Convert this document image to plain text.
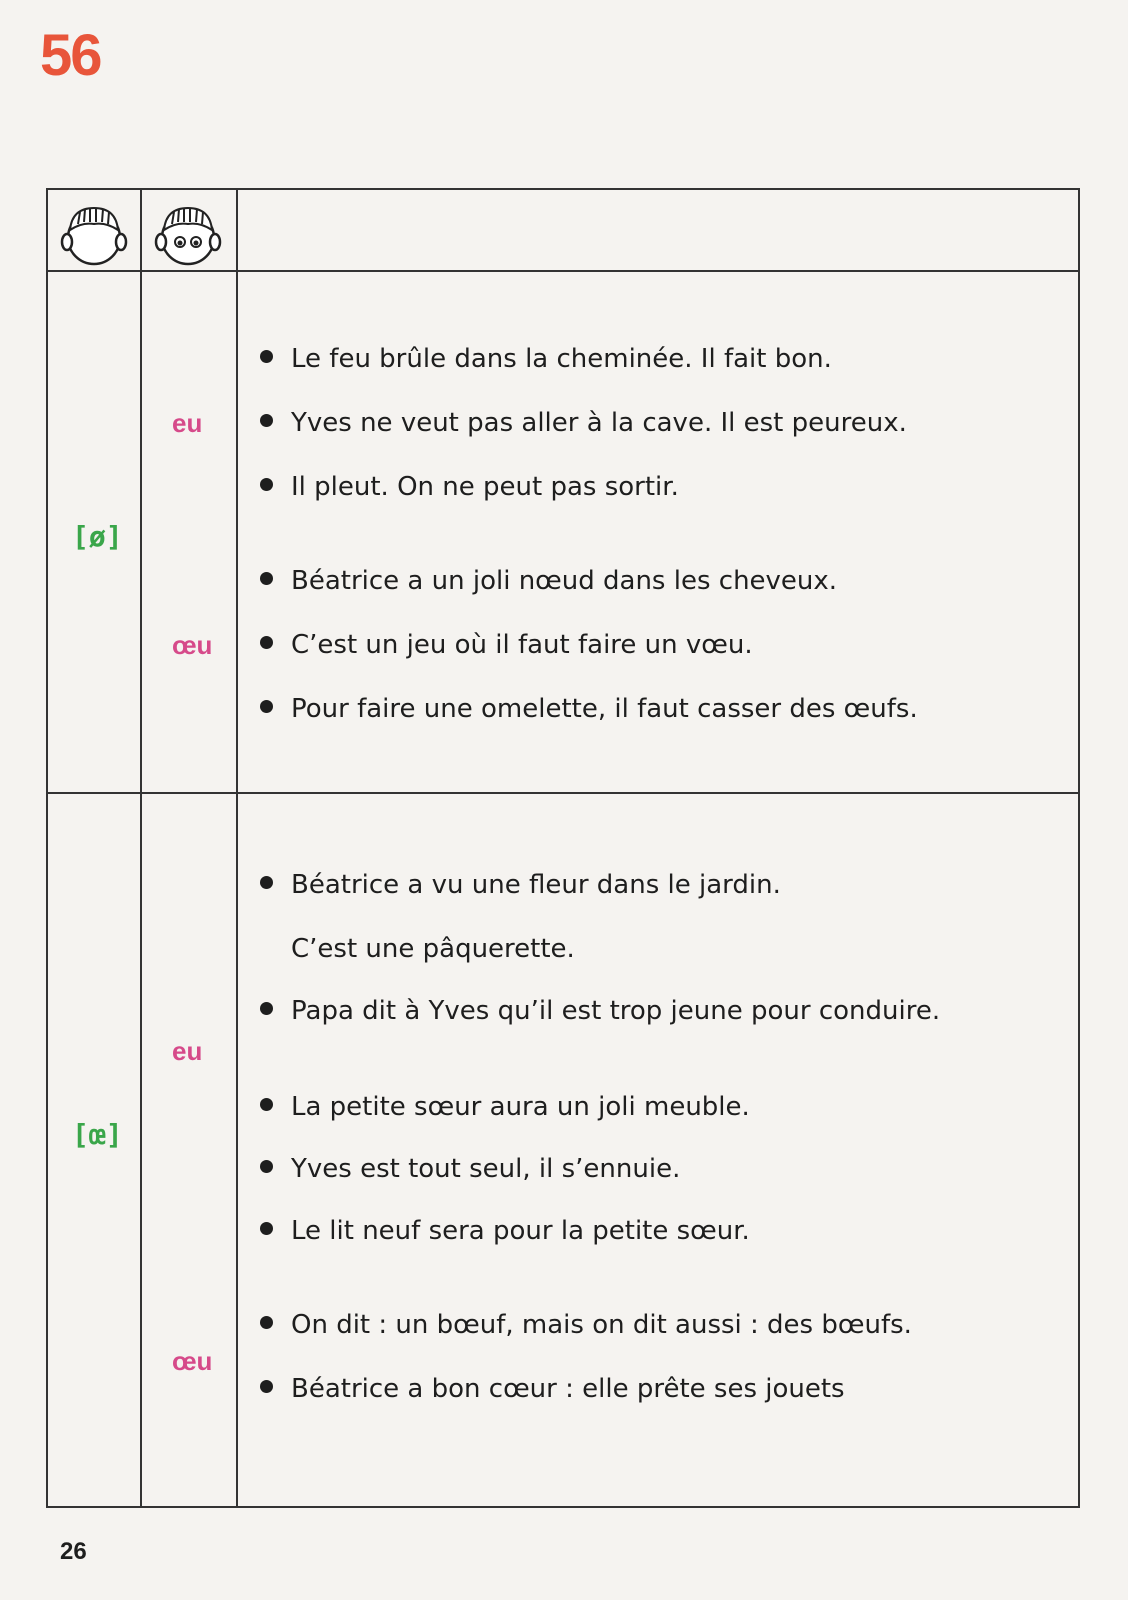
56
[ø]
eu
Le feu brûle dans la cheminée. Il fait bon.
Yves ne veut pas aller à la cave. Il est peureux.
Il pleut. On ne peut pas sortir.
œu
Béatrice a un joli nœud dans les cheveux.
C’est un jeu où il faut faire un vœu.
Pour faire une omelette, il faut casser des œufs.
[œ]
eu
Béatrice a vu une fleur dans le jardin.
C’est une pâquerette.
Papa dit à Yves qu’il est trop jeune pour conduire.
La petite sœur aura un joli meuble.
Yves est tout seul, il s’ennuie.
Le lit neuf sera pour la petite sœur.
œu
On dit : un bœuf, mais on dit aussi : des bœufs.
Béatrice a bon cœur : elle prête ses jouets
26
